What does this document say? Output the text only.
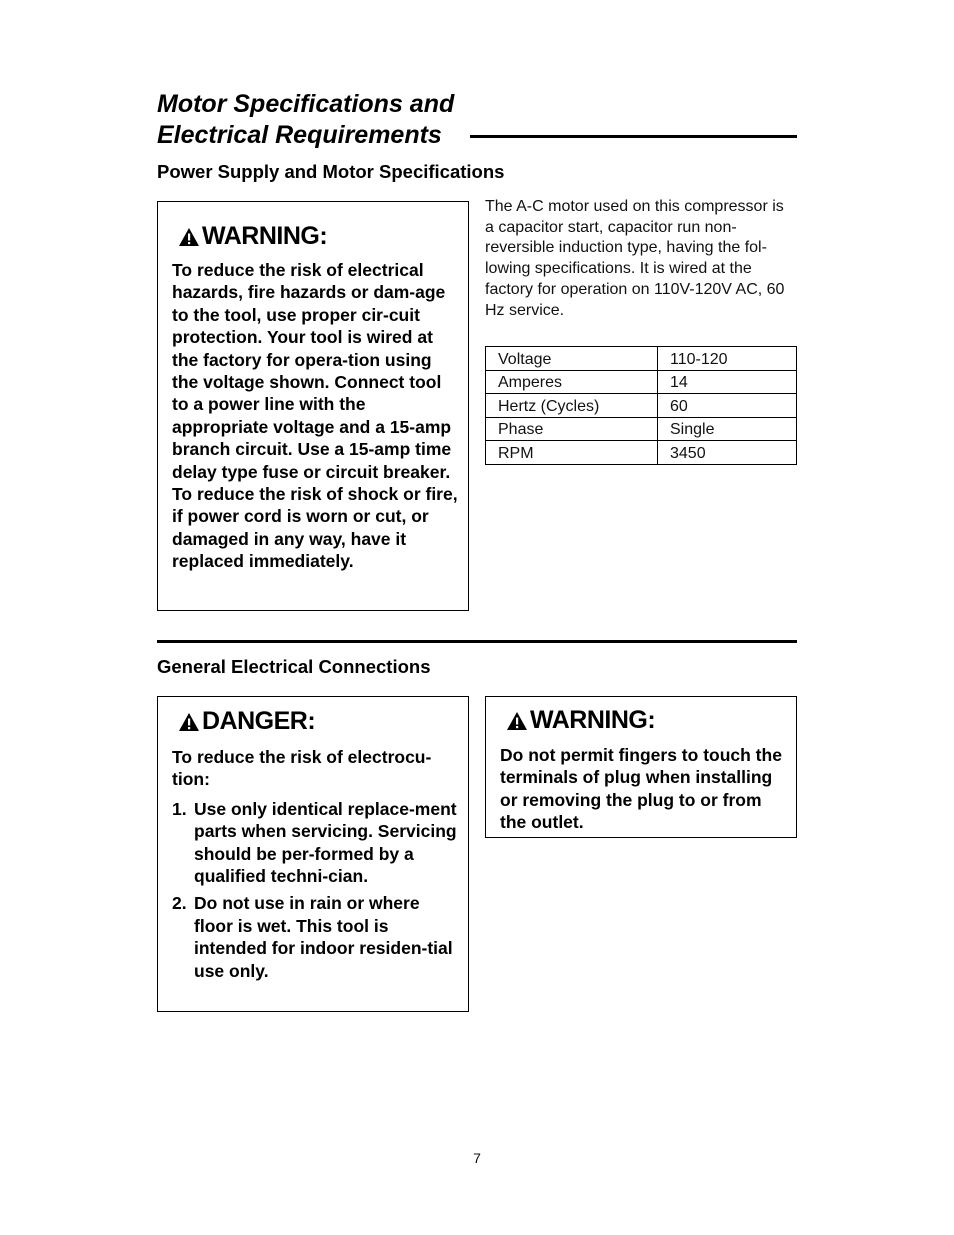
Motor Specifications and
Electrical Requirements
Power Supply and Motor Specifications
WARNING:
To reduce the risk of electrical hazards, fire hazards or dam-age to the tool, use proper cir-cuit protection. Your tool is wired at the factory for opera-tion using the voltage shown. Connect tool to a power line with the appropriate voltage and a 15-amp branch circuit. Use a 15-amp time delay type fuse or circuit breaker. To reduce the risk of shock or fire, if power cord is worn or cut, or damaged in any way, have it replaced immediately.
The A-C motor used on this compressor is a capacitor start, capacitor run non-reversible induction type, having the fol-lowing specifications. It is wired at the factory for operation on 110V-120V AC, 60 Hz service.
Voltage	110-120
Amperes	14
Hertz (Cycles)	60
Phase	Single
RPM	3450
General Electrical Connections
DANGER:
To reduce the risk of electrocu-tion:
1. Use only identical replace-ment parts when servicing. Servicing should be per-formed by a qualified techni-cian.
2. Do not use in rain or where floor is wet. This tool is intended for indoor residen-tial use only.
WARNING:
Do not permit fingers to touch the terminals of plug when installing or removing the plug to or from the outlet.
7
